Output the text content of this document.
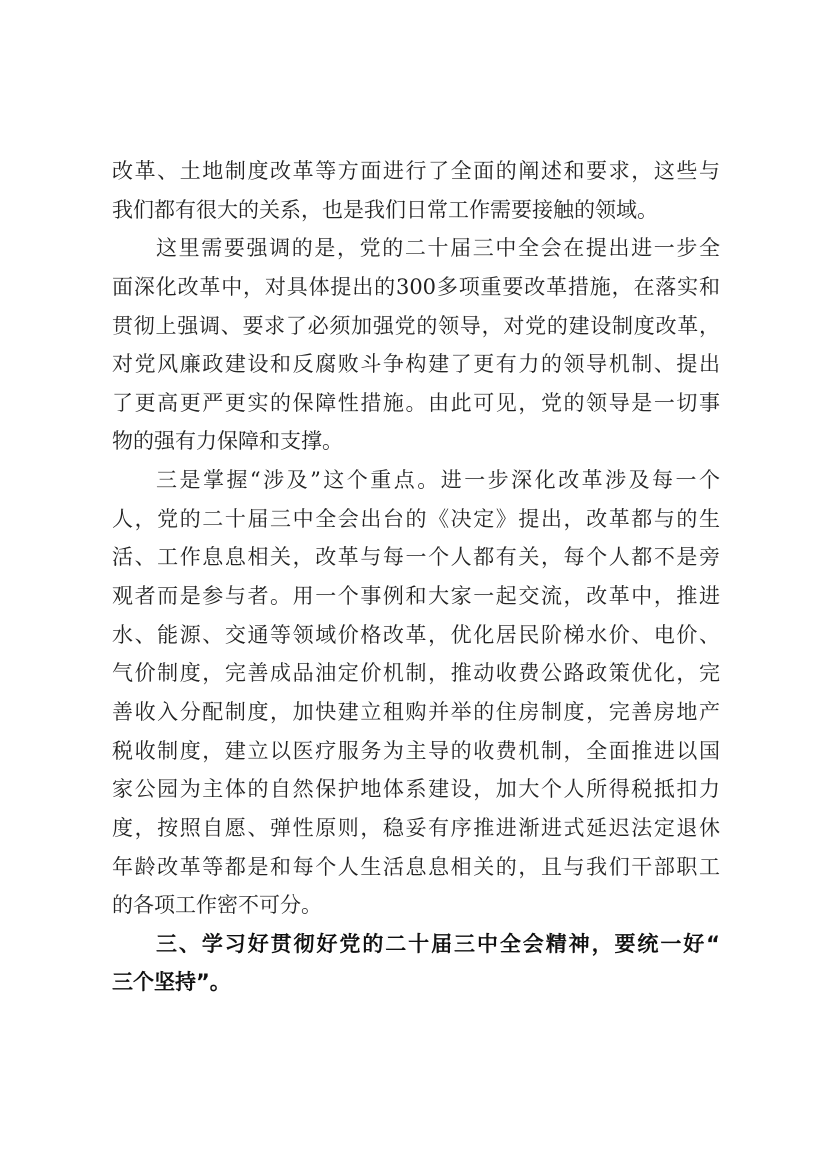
改革、土地制度改革等方面进行了全面的阐述和要求，这些与
我们都有很大的关系，也是我们日常工作需要接触的领域。
这里需要强调的是，党的二十届三中全会在提出进一步全
面深化改革中，对具体提出的300多项重要改革措施，在落实和
贯彻上强调、要求了必须加强党的领导，对党的建设制度改革，
对党风廉政建设和反腐败斗争构建了更有力的领导机制、提出
了更高更严更实的保障性措施。由此可见，党的领导是一切事
物的强有力保障和支撑。
三是掌握“涉及”这个重点。进一步深化改革涉及每一个
人，党的二十届三中全会出台的《决定》提出，改革都与的生
活、工作息息相关，改革与每一个人都有关，每个人都不是旁
观者而是参与者。用一个事例和大家一起交流，改革中，推进
水、能源、交通等领域价格改革，优化居民阶梯水价、电价、
气价制度，完善成品油定价机制，推动收费公路政策优化，完
善收入分配制度，加快建立租购并举的住房制度，完善房地产
税收制度，建立以医疗服务为主导的收费机制，全面推进以国
家公园为主体的自然保护地体系建设，加大个人所得税抵扣力
度，按照自愿、弹性原则，稳妥有序推进渐进式延迟法定退休
年龄改革等都是和每个人生活息息相关的，且与我们干部职工
的各项工作密不可分。
三、学习好贯彻好党的二十届三中全会精神，要统一好“
三个坚持”。
